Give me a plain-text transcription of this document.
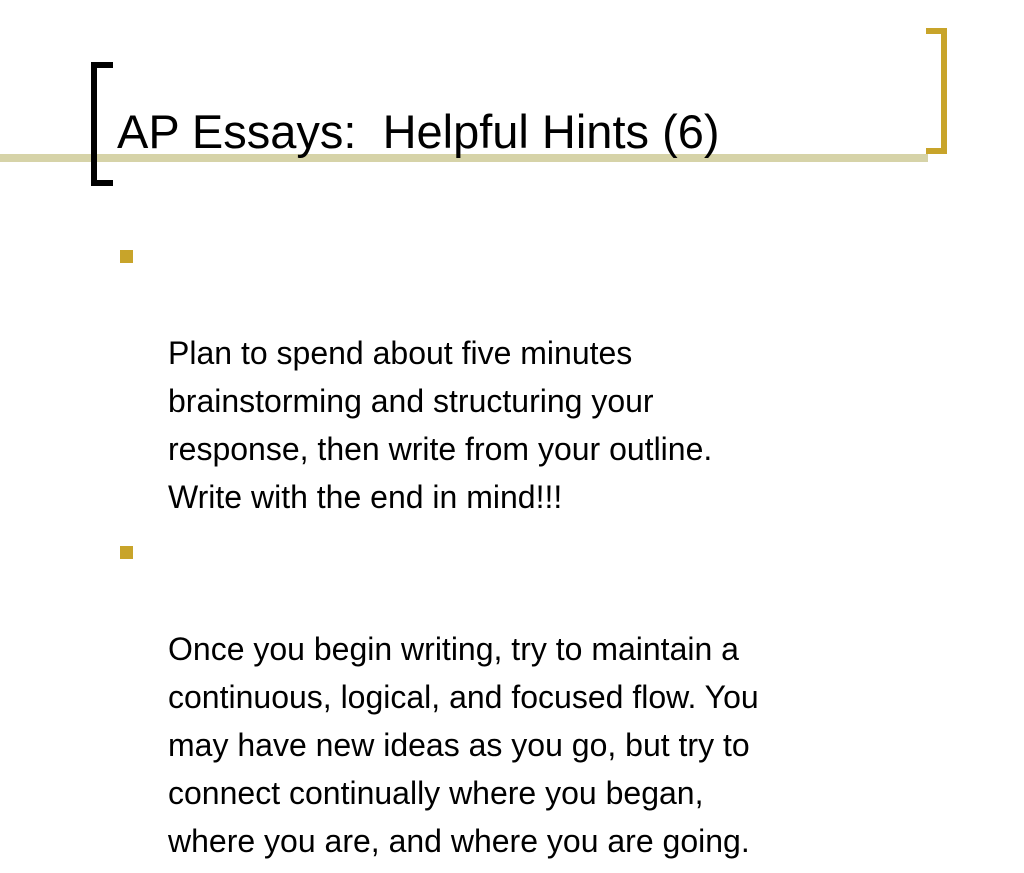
AP Essays:  Helpful Hints (6)

Plan to spend about five minutes
brainstorming and structuring your
response, then write from your outline.
Write with the end in mind!!!

Once you begin writing, try to maintain a
continuous, logical, and focused flow. You
may have new ideas as you go, but try to
connect continually where you began,
where you are, and where you are going.
